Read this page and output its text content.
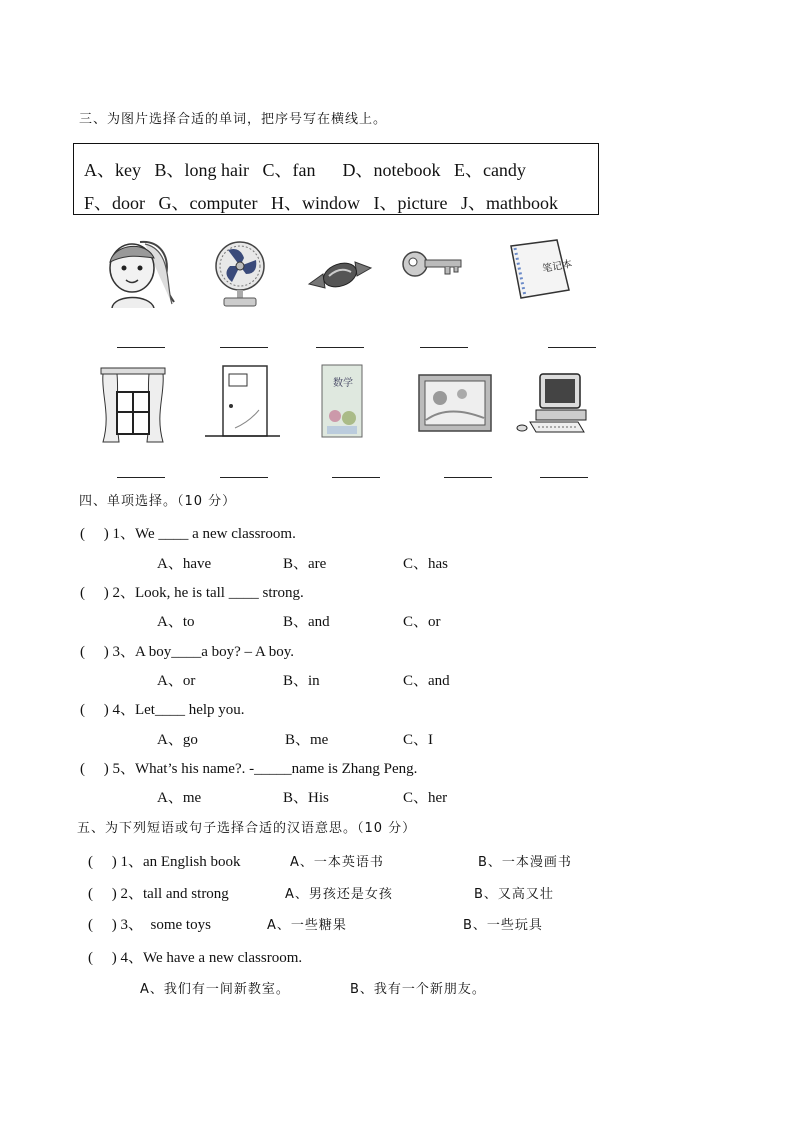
三、为图片选择合适的单词，把序号写在横线上。
A、key   B、long hair   C、fan      D、notebook   E、candy
F、door   G、computer   H、window   I、picture   J、mathbook
笔记本
数学
四、单项选择。（10 分）
(     ) 1、We ____ a new classroom.
A、have	B、are	C、has
(     ) 2、Look, he is tall ____ strong.
A、to	B、and	C、or
(     ) 3、A boy____a boy? – A boy.
A、or	B、in	C、and
(     ) 4、Let____ help you.
A、go	B、me	C、I
(     ) 5、What’s his name?. -_____name is Zhang Peng.
A、me	B、His	C、her
五、为下列短语或句子选择合适的汉语意思。（10 分）
(     ) 1、an English book	A、一本英语书	B、一本漫画书
(     ) 2、tall and strong	A、男孩还是女孩	B、又高又壮
(     ) 3、  some toys	A、一些糖果	B、一些玩具
(     ) 4、We have a new classroom.
A、我们有一间新教室。	B、我有一个新朋友。
